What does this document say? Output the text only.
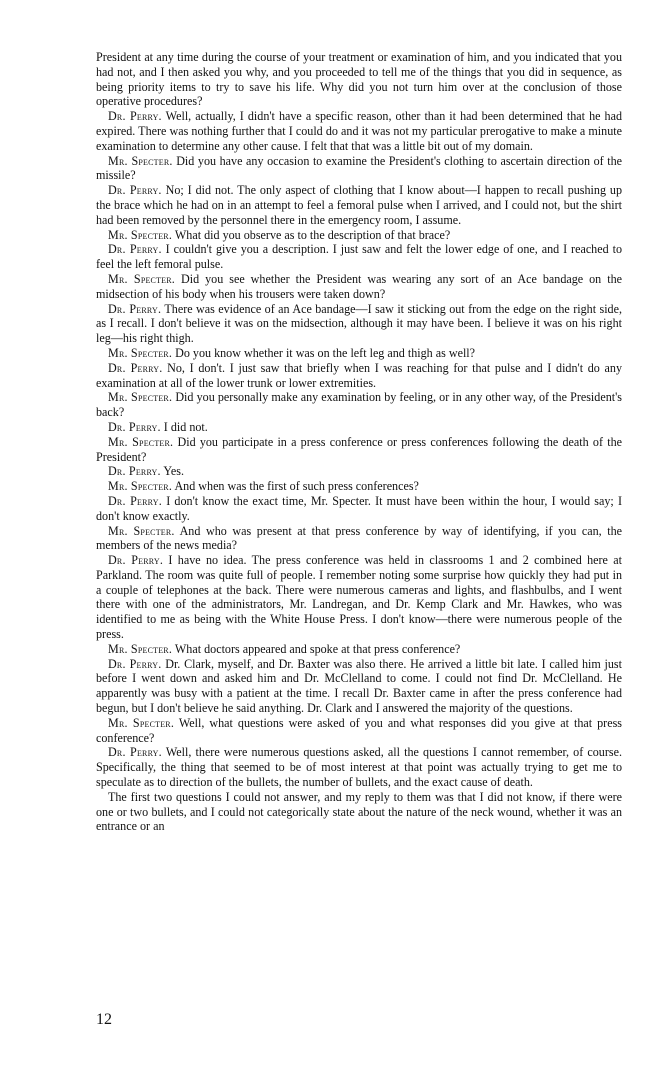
President at any time during the course of your treatment or examination of him, and you indicated that you had not, and I then asked you why, and you proceeded to tell me of the things that you did in sequence, as being priority items to try to save his life. Why did you not turn him over at the conclusion of those operative procedures?

Dr. Perry. Well, actually, I didn't have a specific reason, other than it had been determined that he had expired. There was nothing further that I could do and it was not my particular prerogative to make a minute examination to determine any other cause. I felt that that was a little bit out of my domain.

Mr. Specter. Did you have any occasion to examine the President's clothing to ascertain direction of the missile?

Dr. Perry. No; I did not. The only aspect of clothing that I know about—I happen to recall pushing up the brace which he had on in an attempt to feel a femoral pulse when I arrived, and I could not, but the shirt had been removed by the personnel there in the emergency room, I assume.

Mr. Specter. What did you observe as to the description of that brace?

Dr. Perry. I couldn't give you a description. I just saw and felt the lower edge of one, and I reached to feel the left femoral pulse.

Mr. Specter. Did you see whether the President was wearing any sort of an Ace bandage on the midsection of his body when his trousers were taken down?

Dr. Perry. There was evidence of an Ace bandage—I saw it sticking out from the edge on the right side, as I recall. I don't believe it was on the midsection, although it may have been. I believe it was on his right leg—his right thigh.

Mr. Specter. Do you know whether it was on the left leg and thigh as well?

Dr. Perry. No, I don't. I just saw that briefly when I was reaching for that pulse and I didn't do any examination at all of the lower trunk or lower extremities.

Mr. Specter. Did you personally make any examination by feeling, or in any other way, of the President's back?

Dr. Perry. I did not.

Mr. Specter. Did you participate in a press conference or press conferences following the death of the President?

Dr. Perry. Yes.

Mr. Specter. And when was the first of such press conferences?

Dr. Perry. I don't know the exact time, Mr. Specter. It must have been within the hour, I would say; I don't know exactly.

Mr. Specter. And who was present at that press conference by way of identifying, if you can, the members of the news media?

Dr. Perry. I have no idea. The press conference was held in classrooms 1 and 2 combined here at Parkland. The room was quite full of people. I remember noting some surprise how quickly they had put in a couple of telephones at the back. There were numerous cameras and lights, and flashbulbs, and I went there with one of the administrators, Mr. Landregan, and Dr. Kemp Clark and Mr. Hawkes, who was identified to me as being with the White House Press. I don't know—there were numerous people of the press.

Mr. Specter. What doctors appeared and spoke at that press conference?

Dr. Perry. Dr. Clark, myself, and Dr. Baxter was also there. He arrived a little bit late. I called him just before I went down and asked him and Dr. McClelland to come. I could not find Dr. McClelland. He apparently was busy with a patient at the time. I recall Dr. Baxter came in after the press conference had begun, but I don't believe he said anything. Dr. Clark and I answered the majority of the questions.

Mr. Specter. Well, what questions were asked of you and what responses did you give at that press conference?

Dr. Perry. Well, there were numerous questions asked, all the questions I cannot remember, of course. Specifically, the thing that seemed to be of most interest at that point was actually trying to get me to speculate as to direction of the bullets, the number of bullets, and the exact cause of death.

The first two questions I could not answer, and my reply to them was that I did not know, if there were one or two bullets, and I could not categorically state about the nature of the neck wound, whether it was an entrance or an

12
